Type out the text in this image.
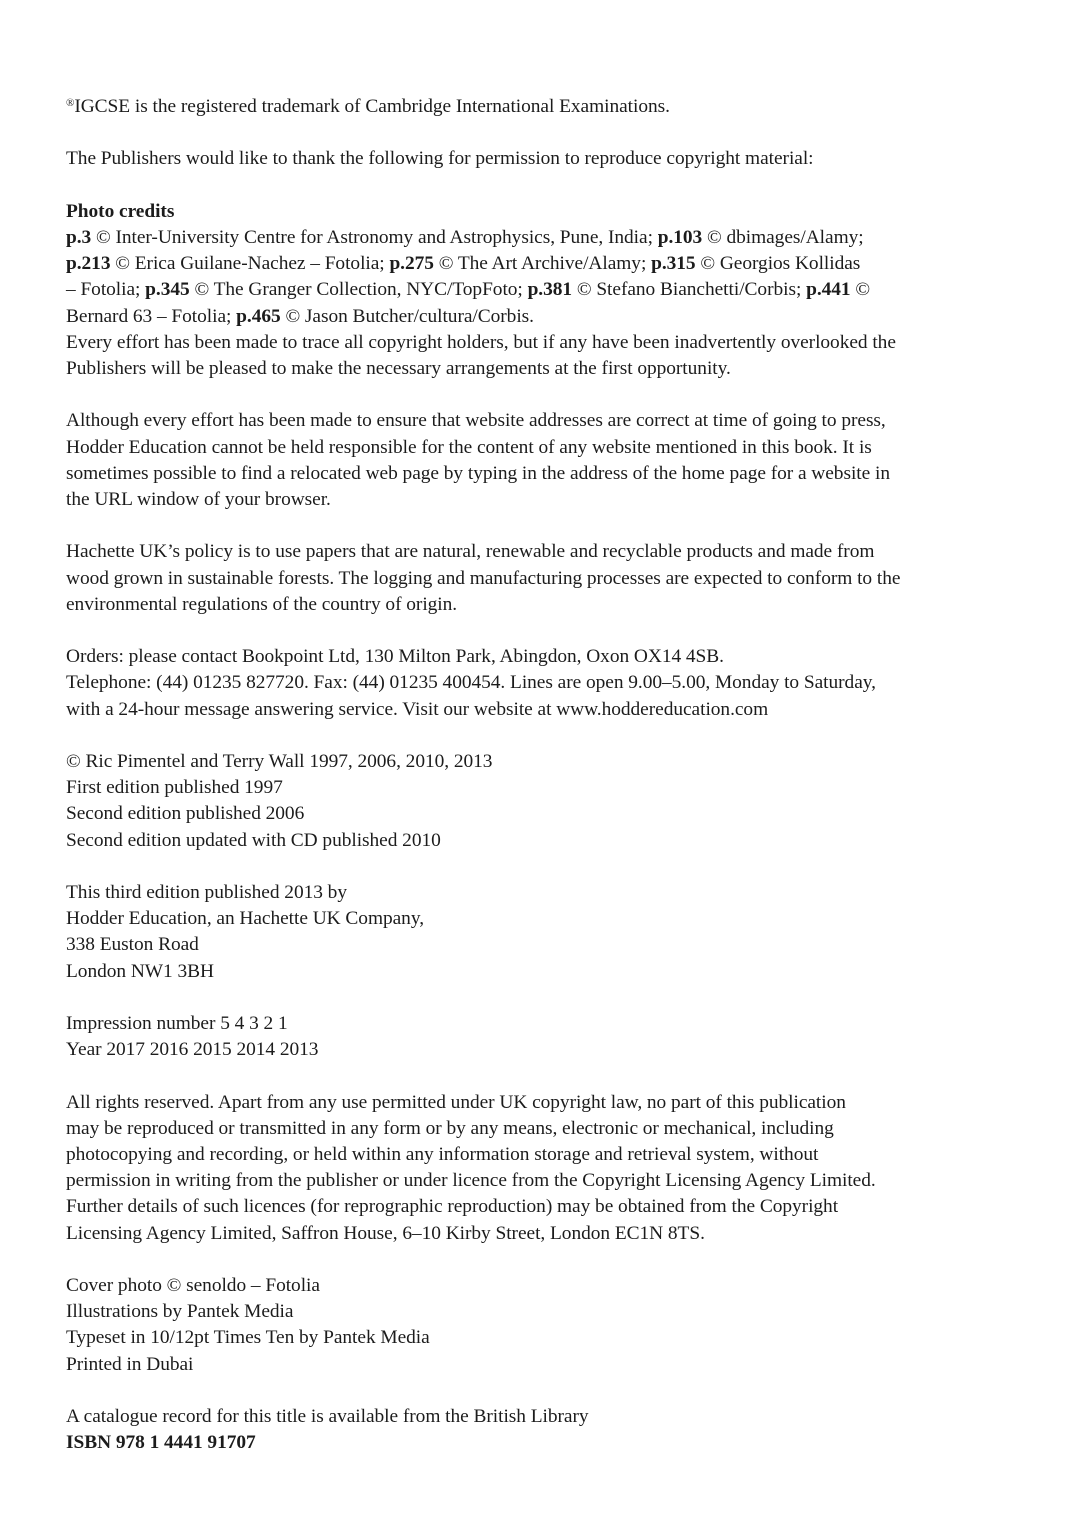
®IGCSE is the registered trademark of Cambridge International Examinations.

The Publishers would like to thank the following for permission to reproduce copyright material:

Photo credits
p.3 © Inter-University Centre for Astronomy and Astrophysics, Pune, India; p.103 © dbimages/Alamy;
p.213 © Erica Guilane-Nachez – Fotolia; p.275 © The Art Archive/Alamy; p.315 © Georgios Kollidas
– Fotolia; p.345 © The Granger Collection, NYC/TopFoto; p.381 © Stefano Bianchetti/Corbis; p.441 ©
Bernard 63 – Fotolia; p.465 © Jason Butcher/cultura/Corbis.
Every effort has been made to trace all copyright holders, but if any have been inadvertently overlooked the
Publishers will be pleased to make the necessary arrangements at the first opportunity.

Although every effort has been made to ensure that website addresses are correct at time of going to press,
Hodder Education cannot be held responsible for the content of any website mentioned in this book. It is
sometimes possible to find a relocated web page by typing in the address of the home page for a website in
the URL window of your browser.

Hachette UK’s policy is to use papers that are natural, renewable and recyclable products and made from
wood grown in sustainable forests. The logging and manufacturing processes are expected to conform to the
environmental regulations of the country of origin.

Orders: please contact Bookpoint Ltd, 130 Milton Park, Abingdon, Oxon OX14 4SB.
Telephone: (44) 01235 827720. Fax: (44) 01235 400454. Lines are open 9.00–5.00, Monday to Saturday,
with a 24-hour message answering service. Visit our website at www.hoddereducation.com

© Ric Pimentel and Terry Wall 1997, 2006, 2010, 2013
First edition published 1997
Second edition published 2006
Second edition updated with CD published 2010

This third edition published 2013 by
Hodder Education, an Hachette UK Company,
338 Euston Road
London NW1 3BH

Impression number 5 4 3 2 1
Year 2017 2016 2015 2014 2013

All rights reserved. Apart from any use permitted under UK copyright law, no part of this publication
may be reproduced or transmitted in any form or by any means, electronic or mechanical, including
photocopying and recording, or held within any information storage and retrieval system, without
permission in writing from the publisher or under licence from the Copyright Licensing Agency Limited.
Further details of such licences (for reprographic reproduction) may be obtained from the Copyright
Licensing Agency Limited, Saffron House, 6–10 Kirby Street, London EC1N 8TS.

Cover photo © senoldo – Fotolia
Illustrations by Pantek Media
Typeset in 10/12pt Times Ten by Pantek Media
Printed in Dubai

A catalogue record for this title is available from the British Library
ISBN 978 1 4441 91707
